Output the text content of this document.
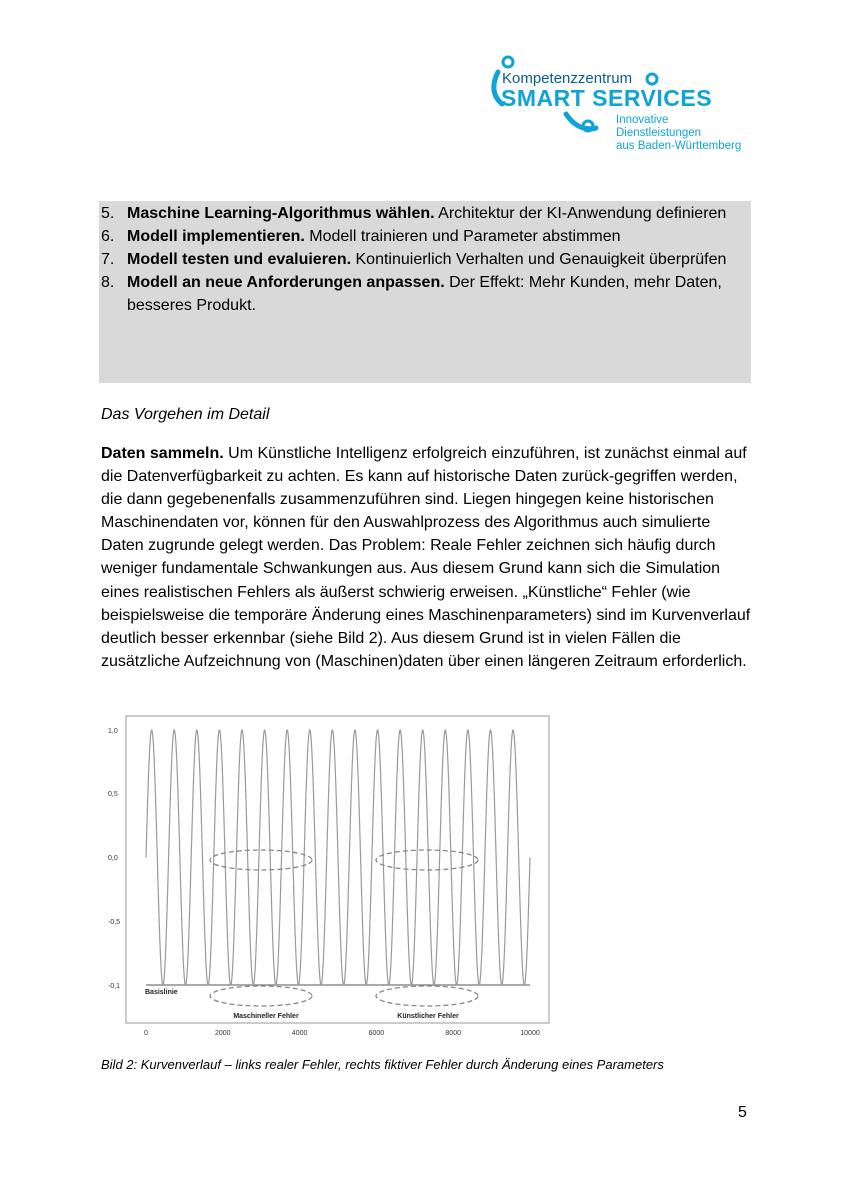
Kompetenzzentrum
SMART SERVICES
Innovative Dienstleistungen
aus Baden-Württemberg
5. Maschine Learning-Algorithmus wählen. Architektur der KI-Anwendung definieren
6. Modell implementieren. Modell trainieren und Parameter abstimmen
7. Modell testen und evaluieren. Kontinuierlich Verhalten und Genauigkeit überprüfen
8. Modell an neue Anforderungen anpassen. Der Effekt: Mehr Kunden, mehr Daten, besseres Produkt.
Das Vorgehen im Detail
Daten sammeln. Um Künstliche Intelligenz erfolgreich einzuführen, ist zunächst einmal auf die Datenverfügbarkeit zu achten. Es kann auf historische Daten zurück-gegriffen werden, die dann gegebenenfalls zusammenzuführen sind. Liegen hingegen keine historischen Maschinendaten vor, können für den Auswahlprozess des Algorithmus auch simulierte Daten zugrunde gelegt werden. Das Problem: Reale Fehler zeichnen sich häufig durch weniger fundamentale Schwankungen aus. Aus diesem Grund kann sich die Simulation eines realistischen Fehlers als äußerst schwierig erweisen. „Künstliche“ Fehler (wie beispielsweise die temporäre Änderung eines Maschinenparameters) sind im Kurvenverlauf deutlich besser erkennbar (siehe Bild 2). Aus diesem Grund ist in vielen Fällen die zusätzliche Aufzeichnung von (Maschinen)daten über einen längeren Zeitraum erforderlich.
1,0
0,5
0,0
-0,5
-0,1
0	2000	4000	6000	8000	10000
Basislinie
Maschineller Fehler	Künstlicher Fehler
Bild 2: Kurvenverlauf – links realer Fehler, rechts fiktiver Fehler durch Änderung eines Parameters
5
